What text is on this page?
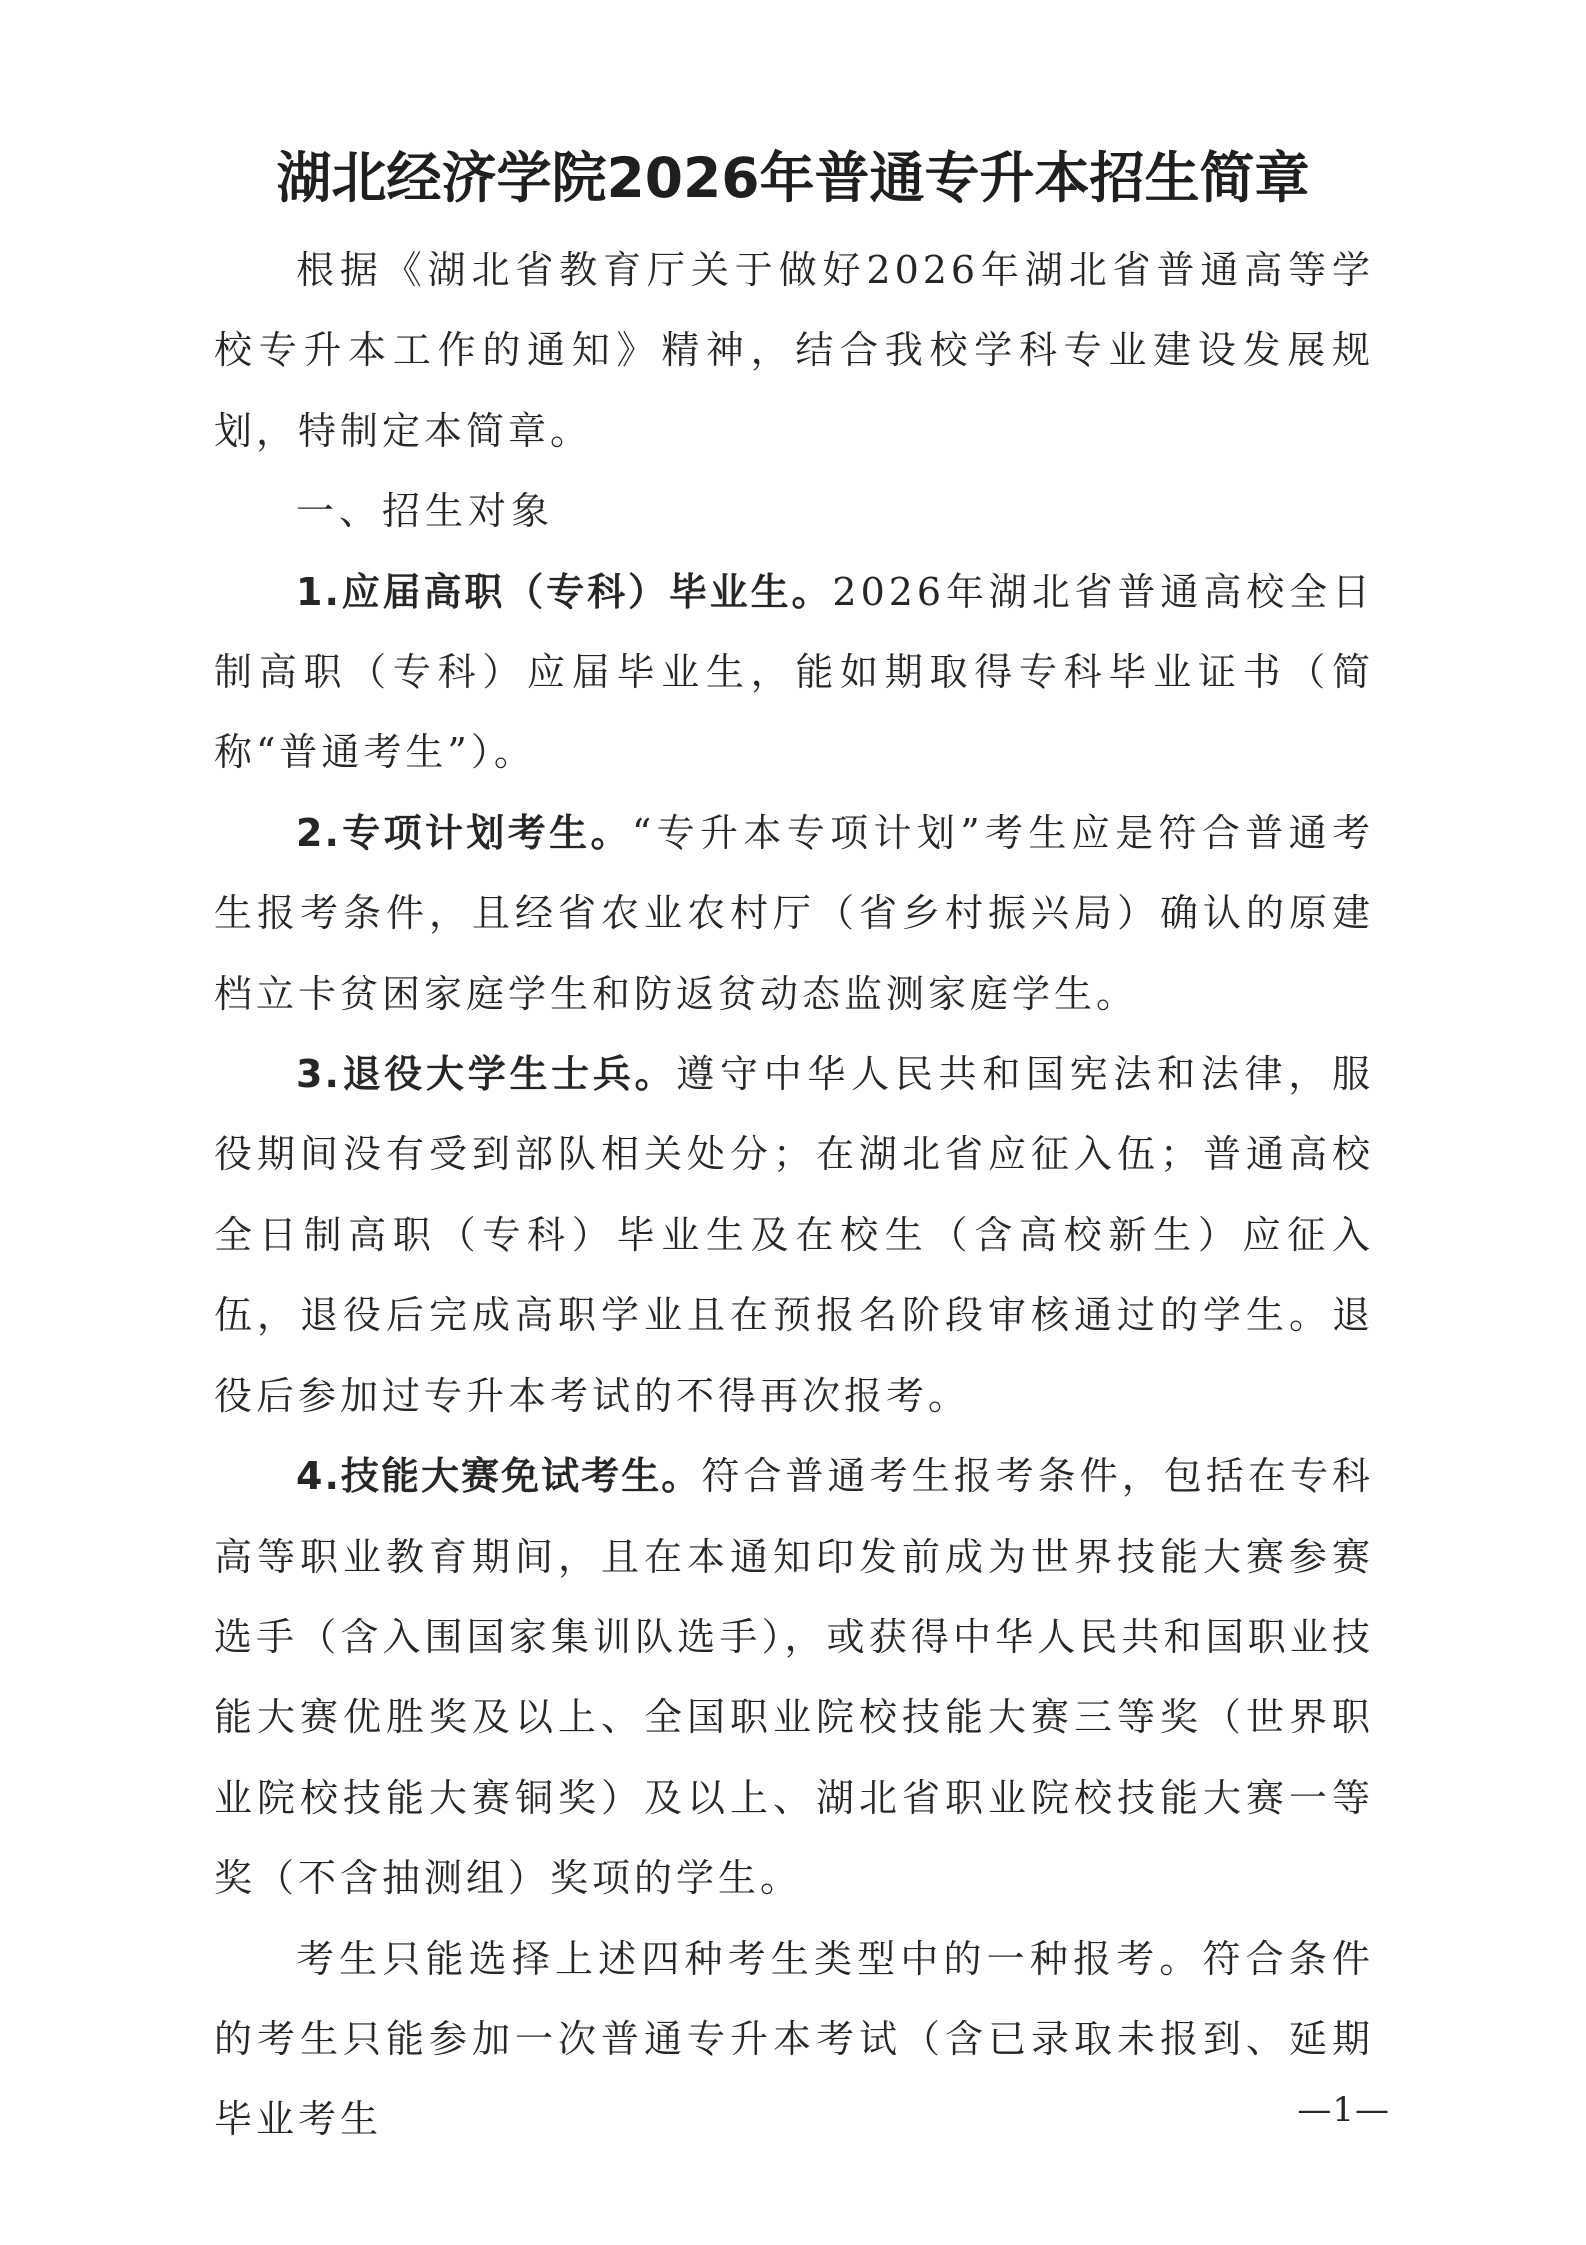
湖北经济学院2026年普通专升本招生简章

根据《湖北省教育厅关于做好2026年湖北省普通高等学校专升本工作的通知》精神，结合我校学科专业建设发展规划，特制定本简章。

一、招生对象

1.应届高职（专科）毕业生。2026年湖北省普通高校全日制高职（专科）应届毕业生，能如期取得专科毕业证书（简称“普通考生”）。

2.专项计划考生。“专升本专项计划”考生应是符合普通考生报考条件，且经省农业农村厅（省乡村振兴局）确认的原建档立卡贫困家庭学生和防返贫动态监测家庭学生。

3.退役大学生士兵。遵守中华人民共和国宪法和法律，服役期间没有受到部队相关处分；在湖北省应征入伍；普通高校全日制高职（专科）毕业生及在校生（含高校新生）应征入伍，退役后完成高职学业且在预报名阶段审核通过的学生。退役后参加过专升本考试的不得再次报考。

4.技能大赛免试考生。符合普通考生报考条件，包括在专科高等职业教育期间，且在本通知印发前成为世界技能大赛参赛选手（含入围国家集训队选手），或获得中华人民共和国职业技能大赛优胜奖及以上、全国职业院校技能大赛三等奖（世界职业院校技能大赛铜奖）及以上、湖北省职业院校技能大赛一等奖（不含抽测组）奖项的学生。

考生只能选择上述四种考生类型中的一种报考。符合条件的考生只能参加一次普通专升本考试（含已录取未报到、延期毕业考生	—1—
